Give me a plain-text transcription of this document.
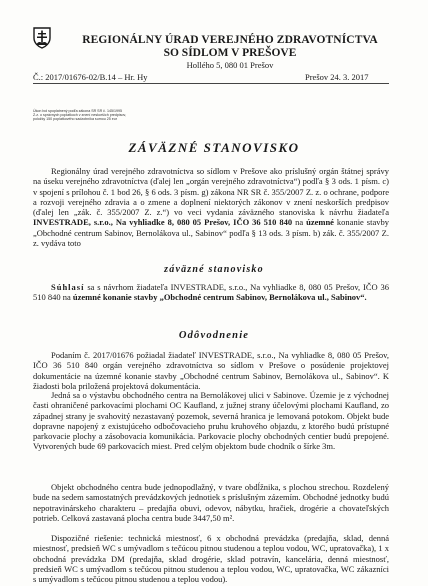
REGIONÁLNY ÚRAD VEREJNÉHO ZDRAVOTNÍCTVA
SO SÍDLOM V PREŠOVE
Hollého 5, 080 01 Prešov
Č.: 2017/01676-02/B.14 – Hr. Hy	Prešov 24. 3. 2017
Úkon bol spoplatnený podľa zákona SR SR č. 145/1995 Z.z. o správnych poplatkoch v znení neskorších predpisov, položky 150 poplatkového sadzobníka sumou 25 eur
ZÁVÄZNÉ STANOVISKO
Regionálny úrad verejného zdravotníctva so sídlom v Prešove ako príslušný orgán štátnej správy na úseku verejného zdravotníctva (ďalej len „orgán verejného zdravotníctva“) podľa § 3 ods. 1 písm. c) v spojení s prílohou č. 1 bod 26, § 6 ods. 3 písm. g) zákona NR SR č. 355/2007 Z. z. o ochrane, podpore a rozvoji verejného zdravia a o zmene a doplnení niektorých zákonov v znení neskorších predpisov (ďalej len „zák. č. 355/2007 Z. z.“) vo veci vydania záväzného stanoviska k návrhu žiadateľa INVESTRADE, s.r.o., Na vyhliadke 8, 080 05 Prešov, IČO 36 510 840 na územné konanie stavby „Obchodné centrum Sabinov, Bernolákova ul., Sabinov“ podľa § 13 ods. 3 písm. b) zák. č. 355/2007 Z. z. vydáva toto
záväzné stanovisko
Súhlasí sa s návrhom žiadateľa INVESTRADE, s.r.o., Na vyhliadke 8, 080 05 Prešov, IČO 36 510 840 na územné konanie stavby „Obchodné centrum Sabinov, Bernolákova ul., Sabinov“.
Odôvodnenie
Podaním č. 2017/01676 požiadal žiadateľ INVESTRADE, s.r.o., Na vyhliadke 8, 080 05 Prešov, IČO 36 510 840 orgán verejného zdravotníctva so sídlom v Prešove o posúdenie projektovej dokumentácie na územné konanie stavby „Obchodné centrum Sabinov, Bernolákova ul., Sabinov“. K žiadosti bola priložená projektová dokumentácia.
Jedná sa o výstavbu obchodného centra na Bernolákovej ulici v Sabinove. Územie je z východnej časti ohraničené parkovacími plochami OC Kaufland, z južnej strany účelovými plochami Kaufland, zo západnej strany je svahovitý nezastavaný pozemok, severná hranica je lemovaná potokom. Objekt bude dopravne napojený z existujúceho odbočovacieho pruhu kruhového objazdu, z ktorého budú prístupné parkovacie plochy a zásobovacia komunikácia. Parkovacie plochy obchodných centier budú prepojené. Vytvorených bude 69 parkovacích miest. Pred celým objektom bude chodník o šírke 3m.
Objekt obchodného centra bude jednopodlažný, v tvare obdĺžnika, s plochou strechou. Rozdelený bude na sedem samostatných prevádzkových jednotiek s príslušným zázemím. Obchodné jednotky budú nepotravinárskeho charakteru – predajňa obuvi, odevov, nábytku, hračiek, drogérie a chovateľských potrieb. Celková zastavaná plocha centra bude 3447,50 m².
Dispozičné riešenie: technická miestnosť, 6 x obchodná prevádzka (predajňa, sklad, denná miestnosť, predsieň WC s umývadlom s tečúcou pitnou studenou a teplou vodou, WC, upratovačka), 1 x obchodná prevádzka DM (predajňa, sklad drogérie, sklad potravín, kancelária, denná miestnosť, predsieň WC s umývadlom s tečúcou pitnou studenou a teplou vodou, WC, upratovačka, WC zákazníci s umývadlom s tečúcou pitnou studenou a teplou vodou).
